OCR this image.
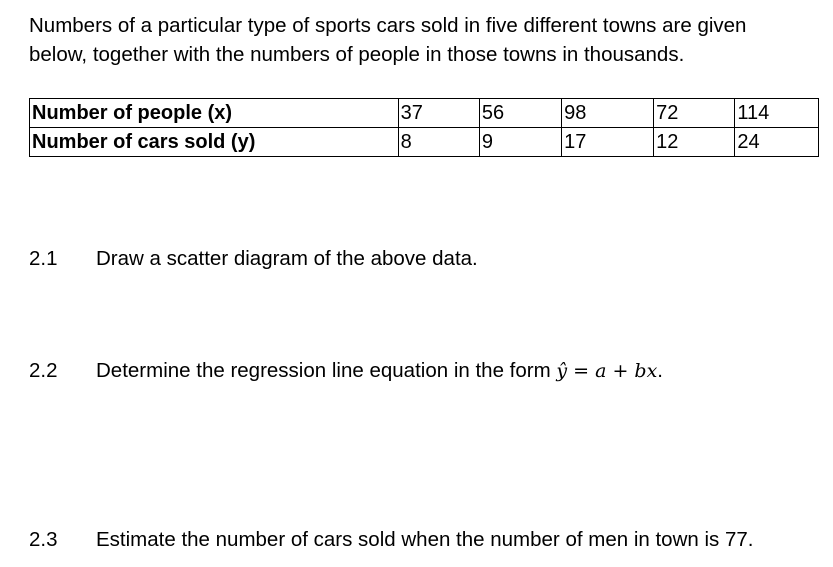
Numbers of a particular type of sports cars sold in five different towns are given
below, together with the numbers of people in those towns in thousands.

Number of people (x)	37	56	98	72	114
Number of cars sold (y)	8	9	17	12	24
2.1 Draw a scatter diagram of the above data.
2.2 Determine the regression line equation in the form ŷ = a + bx.
2.3 Estimate the number of cars sold when the number of men in town is 77.
